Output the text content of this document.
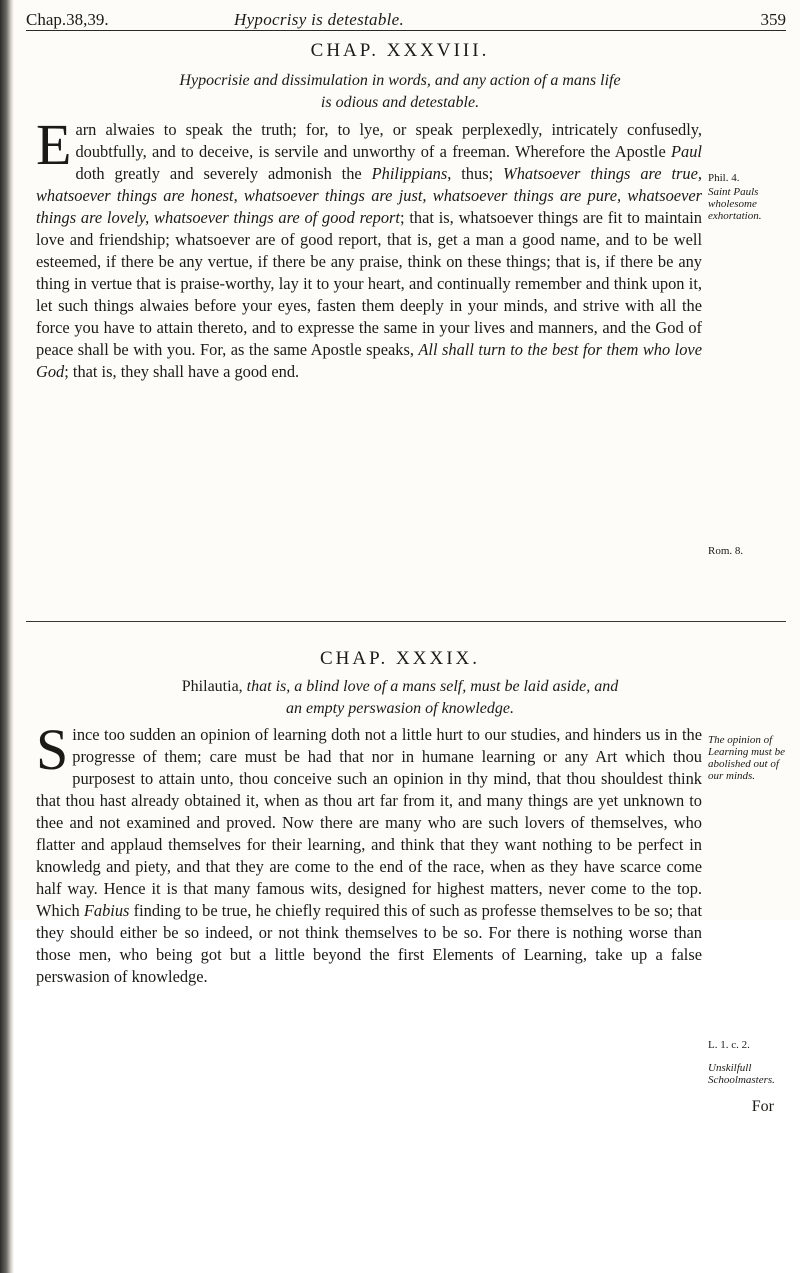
Chap.38,39.	Hypocrisy is detestable.	359
CHAP. XXXVIII.
Hypocrisie and dissimulation in words, and any action of a mans life
is odious and detestable.

Earn alwaies to speak the truth; for, to lye, or speak perplexedly, intricately confusedly, doubtfully, and to deceive, is servile and unworthy of a freeman. Wherefore the Apostle Paul doth greatly and severely admonish the Philippians, thus; Whatsoever things are true, whatsoever things are honest, whatsoever things are just, whatsoever things are pure, whatsoever things are lovely, whatsoever things are of good report; that is, whatsoever things are fit to maintain love and friendship; whatsoever are of good report, that is, get a man a good name, and to be well esteemed, if there be any vertue, if there be any praise, think on these things; that is, if there be any thing in vertue that is praise-worthy, lay it to your heart, and continually remember and think upon it, let such things alwaies before your eyes, fasten them deeply in your minds, and strive with all the force you have to attain thereto, and to expresse the same in your lives and manners, and the God of peace shall be with you. For, as the same Apostle speaks, All shall turn to the best for them who love God; that is, they shall have a good end.

Phil. 4.
Saint Pauls wholesome exhortation.
Rom. 8.
CHAP. XXXIX.
Philautia, that is, a blind love of a mans self, must be laid aside, and
an empty perswasion of knowledge.

Since too sudden an opinion of learning doth not a little hurt to our studies, and hinders us in the progresse of them; care must be had that nor in humane learning or any Art which thou purposest to attain unto, thou conceive such an opinion in thy mind, that thou shouldest think that thou hast already obtained it, when as thou art far from it, and many things are yet unknown to thee and not examined and proved. Now there are many who are such lovers of themselves, who flatter and applaud themselves for their learning, and think that they want nothing to be perfect in knowledg and piety, and that they are come to the end of the race, when as they have scarce come half way. Hence it is that many famous wits, designed for highest matters, never come to the top. Which Fabius finding to be true, he chiefly required this of such as professe themselves to be so; that they should either be so indeed, or not think themselves to be so. For there is nothing worse than those men, who being got but a little beyond the first Elements of Learning, take up a false perswasion of knowledge.

The opinion of Learning must be abolished out of our minds.
L. 1. c. 2.
Unskilfull Schoolmasters.
For
